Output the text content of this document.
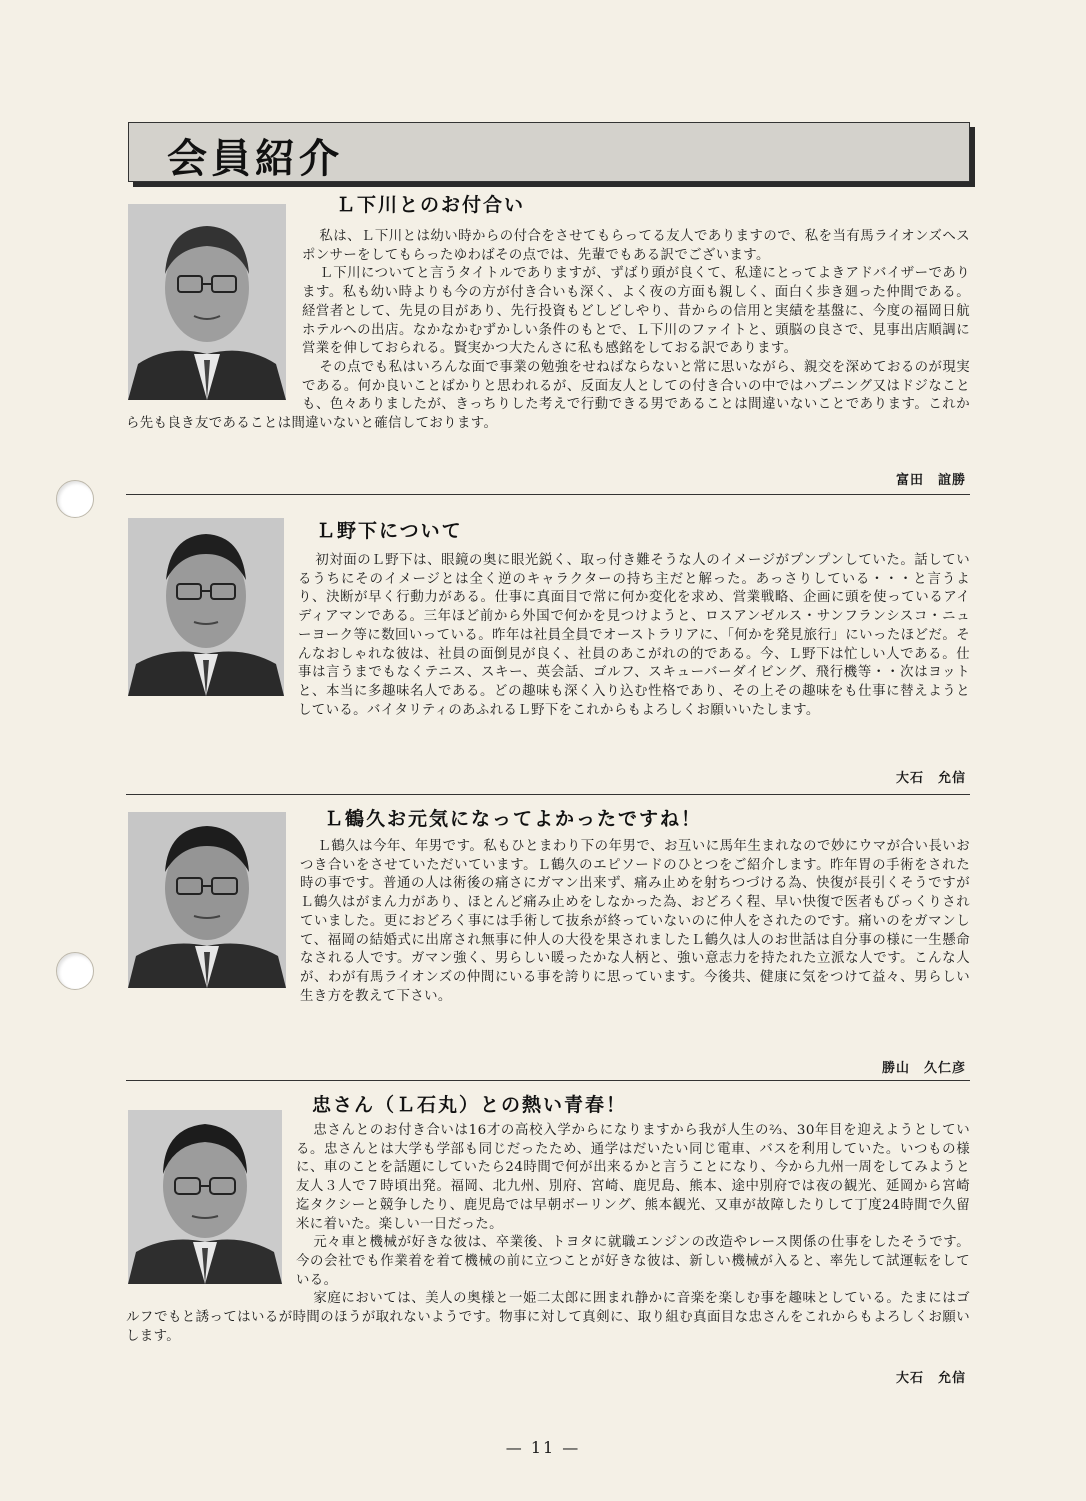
会員紹介
Ｌ下川とのお付合い

私は、Ｌ下川とは幼い時からの付合をさせてもらってる友人でありますので、私を当有馬ライオンズへスポンサーをしてもらったゆわばその点では、先輩でもある訳でございます。

Ｌ下川についてと言うタイトルでありますが、ずばり頭が良くて、私達にとってよきアドバイザーであります。私も幼い時よりも今の方が付き合いも深く、よく夜の方面も親しく、面白く歩き廻った仲間である。経営者として、先見の目があり、先行投資もどしどしやり、昔からの信用と実績を基盤に、今度の福岡日航ホテルへの出店。なかなかむずかしい条件のもとで、Ｌ下川のファイトと、頭脳の良さで、見事出店順調に営業を伸しておられる。賢実かつ大たんさに私も感銘をしておる訳であります。

その点でも私はいろんな面で事業の勉強をせねばならないと常に思いながら、親交を深めておるのが現実である。何か良いことばかりと思われるが、反面友人としての付き合いの中ではハプニング又はドジなことも、色々ありましたが、きっちりした考えで行動できる男であることは間違いないことであります。これから先も良き友であることは間違いないと確信しております。

富田　誼勝
Ｌ野下について

初対面のＬ野下は、眼鏡の奥に眼光鋭く、取っ付き難そうな人のイメージがプンプンしていた。話しているうちにそのイメージとは全く逆のキャラクターの持ち主だと解った。あっさりしている・・・と言うより、決断が早く行動力がある。仕事に真面目で常に何か変化を求め、営業戦略、企画に頭を使っているアイディアマンである。三年ほど前から外国で何かを見つけようと、ロスアンゼルス・サンフランシスコ・ニューヨーク等に数回いっている。昨年は社員全員でオーストラリアに、「何かを発見旅行」にいったほどだ。そんなおしゃれな彼は、社員の面倒見が良く、社員のあこがれの的である。今、Ｌ野下は忙しい人である。仕事は言うまでもなくテニス、スキー、英会話、ゴルフ、スキューバーダイビング、飛行機等・・次はヨットと、本当に多趣味名人である。どの趣味も深く入り込む性格であり、その上その趣味をも仕事に替えようとしている。バイタリティのあふれるＬ野下をこれからもよろしくお願いいたします。

大石　允信
Ｌ鶴久お元気になってよかったですね！

Ｌ鶴久は今年、年男です。私もひとまわり下の年男で、お互いに馬年生まれなので妙にウマが合い長いおつき合いをさせていただいています。Ｌ鶴久のエピソードのひとつをご紹介します。昨年胃の手術をされた時の事です。普通の人は術後の痛さにガマン出来ず、痛み止めを射ちつづける為、快復が長引くそうですがＬ鶴久はがまん力があり、ほとんど痛み止めをしなかった為、おどろく程、早い快復で医者もびっくりされていました。更におどろく事には手術して抜糸が終っていないのに仲人をされたのです。痛いのをガマンして、福岡の結婚式に出席され無事に仲人の大役を果されましたＬ鶴久は人のお世話は自分事の様に一生懸命なされる人です。ガマン強く、男らしい暖ったかな人柄と、強い意志力を持たれた立派な人です。こんな人が、わが有馬ライオンズの仲間にいる事を誇りに思っています。今後共、健康に気をつけて益々、男らしい生き方を教えて下さい。

勝山　久仁彦
忠さん（Ｌ石丸）との熱い青春！

忠さんとのお付き合いは16才の高校入学からになりますから我が人生の⅔、30年目を迎えようとしている。忠さんとは大学も学部も同じだったため、通学はだいたい同じ電車、バスを利用していた。いつもの様に、車のことを話題にしていたら24時間で何が出来るかと言うことになり、今から九州一周をしてみようと友人３人で７時頃出発。福岡、北九州、別府、宮崎、鹿児島、熊本、途中別府では夜の観光、延岡から宮崎迄タクシーと競争したり、鹿児島では早朝ボーリング、熊本観光、又車が故障したりして丁度24時間で久留米に着いた。楽しい一日だった。

元々車と機械が好きな彼は、卒業後、トヨタに就職エンジンの改造やレース関係の仕事をしたそうです。今の会社でも作業着を着て機械の前に立つことが好きな彼は、新しい機械が入ると、率先して試運転をしている。

家庭においては、美人の奥様と一姫二太郎に囲まれ静かに音楽を楽しむ事を趣味としている。たまにはゴルフでもと誘ってはいるが時間のほうが取れないようです。物事に対して真剣に、取り組む真面目な忠さんをこれからもよろしくお願いします。

大石　允信
— 11 —
